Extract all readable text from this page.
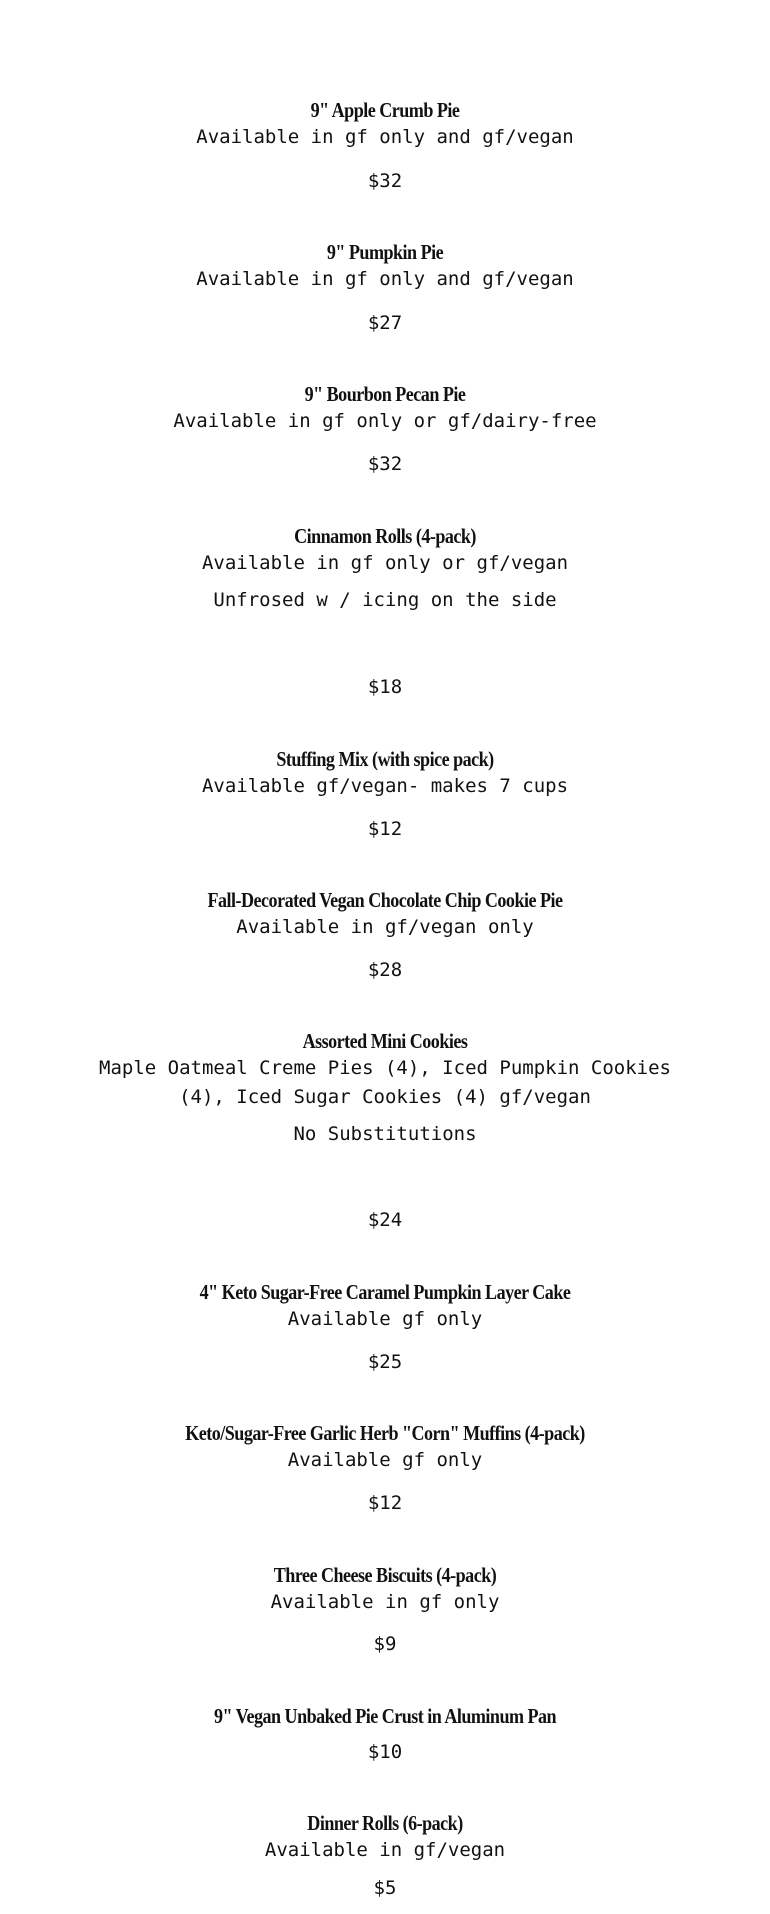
9" Apple Crumb Pie

Available in gf only and gf/vegan

$32

9" Pumpkin Pie

Available in gf only and gf/vegan

$27

9" Bourbon Pecan Pie

Available in gf only or gf/dairy-free

$32

Cinnamon Rolls (4-pack)

Available in gf only or gf/vegan

Unfrosed w / icing on the side

$18

Stuffing Mix (with spice pack)

Available gf/vegan- makes 7 cups

$12

Fall-Decorated Vegan Chocolate Chip Cookie Pie

Available in gf/vegan only

$28

Assorted Mini Cookies

Maple Oatmeal Creme Pies (4), Iced Pumpkin Cookies

(4), Iced Sugar Cookies (4) gf/vegan

No Substitutions

$24

4" Keto Sugar-Free Caramel Pumpkin Layer Cake

Available gf only

$25

Keto/Sugar-Free Garlic Herb "Corn" Muffins (4-pack)

Available gf only

$12

Three Cheese Biscuits (4-pack)

Available in gf only

$9

9" Vegan Unbaked Pie Crust in Aluminum Pan

$10

Dinner Rolls (6-pack)

Available in gf/vegan

$5
